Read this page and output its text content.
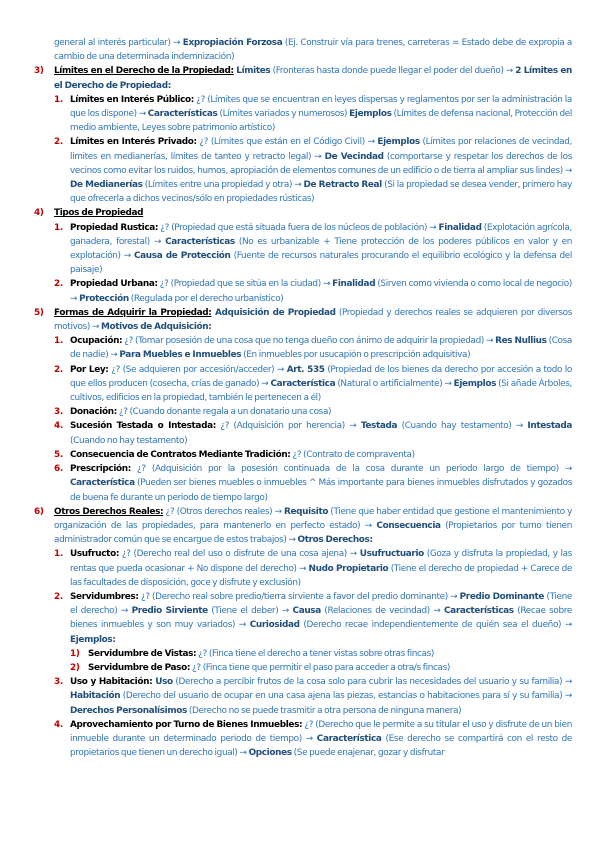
general al interés particular) → Expropiación Forzosa (Ej. Construir vía para trenes, carreteras = Estado debe de expropia a cambio de una determinada indemnización)
3) Límites en el Derecho de la Propiedad: Límites (Fronteras hasta donde puede llegar el poder del dueño) → 2 Límites en el Derecho de Propiedad:
1. Límites en Interés Público: ¿? (Límites que se encuentran en leyes dispersas y reglamentos por ser la administración la que los dispone) → Características (Límites variados y numerosos) Ejemplos (Límites de defensa nacional, Protección del medio ambiente, Leyes sobre patrimonio artístico)
2. Límites en Interés Privado: ¿? (Límites que están en el Código Civil) → Ejemplos (Límites por relaciones de vecindad, límites en medianerías, límites de tanteo y retracto legal) → De Vecindad (comportarse y respetar los derechos de los vecinos como evitar los ruidos, humos, apropiación de elementos comunes de un edificio o de tierra al ampliar sus lindes) → De Medianerías (Límites entre una propiedad y otra) → De Retracto Real (Si la propiedad se desea vender, primero hay que ofrecerla a dichos vecinos/sólo en propiedades rústicas)
4) Tipos de Propiedad
1. Propiedad Rustica: ¿? (Propiedad que está situada fuera de los núcleos de población) → Finalidad (Explotación agrícola, ganadera, forestal) → Características (No es urbanizable + Tiene protección de los poderes públicos en valor y en explotación) → Causa de Protección (Fuente de recursos naturales procurando el equilibrio ecológico y la defensa del paisaje)
2. Propiedad Urbana: ¿? (Propiedad que se sitúa en la ciudad) → Finalidad (Sirven como vivienda o como local de negocio) → Protección (Regulada por el derecho urbanístico)
5) Formas de Adquirir la Propiedad: Adquisición de Propiedad (Propiedad y derechos reales se adquieren por diversos motivos) → Motivos de Adquisición:
1. Ocupación: ¿? (Tomar posesión de una cosa que no tenga dueño con ánimo de adquirir la propiedad) → Res Nullius (Cosa de nadie) → Para Muebles e Inmuebles (En inmuebles por usucapión o prescripción adquisitiva)
2. Por Ley: ¿? (Se adquieren por accesión/acceder) → Art. 535 (Propiedad de los bienes da derecho por accesión a todo lo que ellos producen (cosecha, crías de ganado) → Característica (Natural o artificialmente) → Ejemplos (Si añade Árboles, cultivos, edificios en la propiedad, también le pertenecen a él)
3. Donación: ¿? (Cuando donante regala a un donatario una cosa)
4. Sucesión Testada o Intestada: ¿? (Adquisición por herencia) → Testada (Cuando hay testamento) → Intestada (Cuando no hay testamento)
5. Consecuencia de Contratos Mediante Tradición: ¿? (Contrato de compraventa)
6. Prescripción: ¿? (Adquisición por la posesión continuada de la cosa durante un periodo largo de tiempo) → Característica (Pueden ser bienes muebles o inmuebles ^ Más importante para bienes inmuebles disfrutados y gozados de buena fe durante un periodo de tiempo largo)
6) Otros Derechos Reales: ¿? (Otros derechos reales) → Requisito (Tiene que haber entidad que gestione el mantenimiento y organización de las propiedades, para mantenerlo en perfecto estado) → Consecuencia (Propietarios por turno tienen administrador común que se encargue de estos trabajos) → Otros Derechos:
1. Usufructo: ¿? (Derecho real del uso o disfrute de una cosa ajena) → Usufructuario (Goza y disfruta la propiedad, y las rentas que pueda ocasionar + No dispone del derecho) → Nudo Propietario (Tiene el derecho de propiedad + Carece de las facultades de disposición, goce y disfrute y exclusión)
2. Servidumbres: ¿? (Derecho real sobre predio/tierra sirviente a favor del predio dominante) → Predio Dominante (Tiene el derecho) → Predio Sirviente (Tiene el deber) → Causa (Relaciones de vecindad) → Características (Recae sobre bienes inmuebles y son muy variados) → Curiosidad (Derecho recae independientemente de quién sea el dueño) → Ejemplos:
1) Servidumbre de Vistas: ¿? (Finca tiene el derecho a tener vistas sobre otras fincas)
2) Servidumbre de Paso: ¿? (Finca tiene que permitir el paso para acceder a otra/s fincas)
3. Uso y Habitación: Uso (Derecho a percibir frutos de la cosa solo para cubrir las necesidades del usuario y su familia) → Habitación (Derecho del usuario de ocupar en una casa ajena las piezas, estancias o habitaciones para sí y su familia) → Derechos Personalísimos (Derecho no se puede trasmitir a otra persona de ninguna manera)
4. Aprovechamiento por Turno de Bienes Inmuebles: ¿? (Derecho que le permite a su titular el uso y disfrute de un bien inmueble durante un determinado periodo de tiempo) → Característica (Ese derecho se compartirá con el resto de propietarios que tienen un derecho igual) → Opciones (Se puede enajenar, gozar y disfrutar
